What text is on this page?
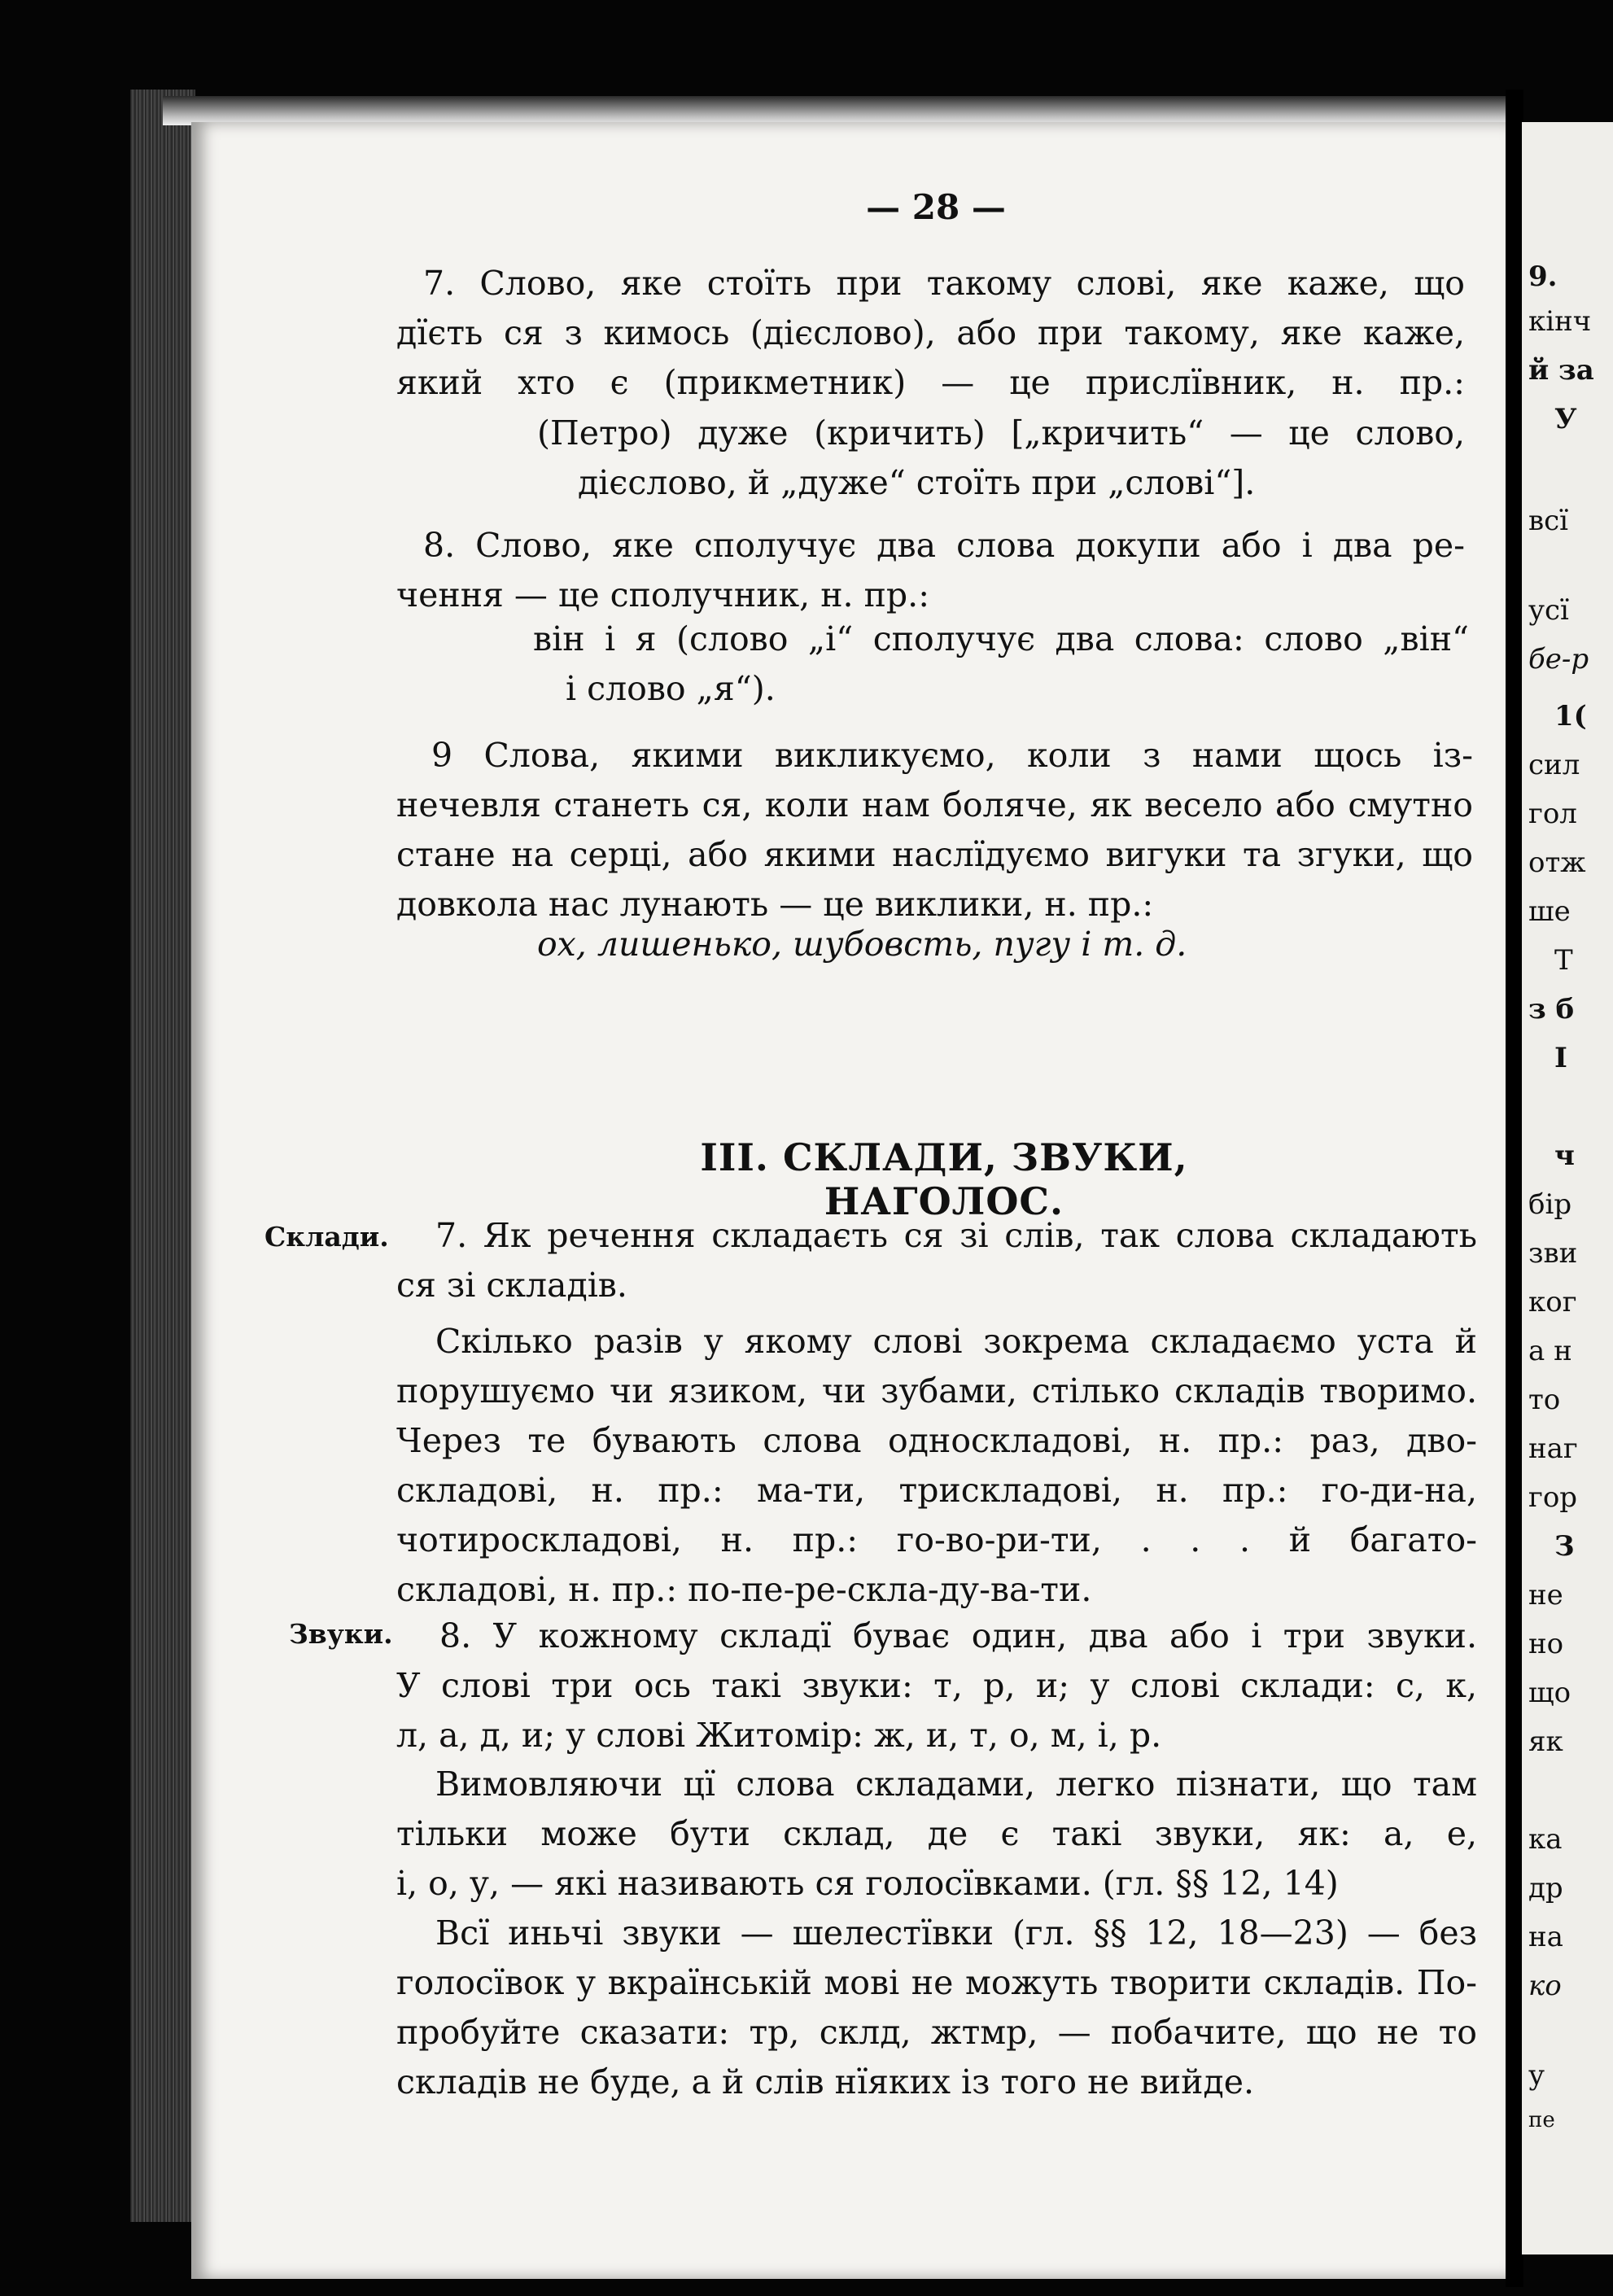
9.
кінч
й за
У
всї
усї
бе-р
1(
сил
гол
отж
ше
Т
з б
І
ч
бір
зви
ког
а н
то
наг
гор
З
не
но
що
як
ка
др
на
ко
у
пе
— 28 —
7. Слово, яке стоїть при такому слові, яке каже, що
дїєть ся з кимось (дієслово), або при такому, яке каже,
який хто є (прикметник) — це прислївник, н. пр.:
(Петро) дуже (кричить) [„кричить“ — це слово,
дієслово, й „дуже“ стоїть при „слові“].
8. Слово, яке сполучує два слова докупи або і два ре-
чення — це сполучник, н. пр.:
він і я (слово „і“ сполучує два слова: слово „він“
і слово „я“).
9 Слова, якими викликуємо, коли з нами щось із-
нечевля станеть ся, коли нам боляче, як весело або смутно
стане на серці, або якими наслїдуємо вигуки та згуки, що
довкола нас лунають — це виклики, н. пр.:
ох, лишенько, шубовсть, пугу і т. д.
III. СКЛАДИ, ЗВУКИ, НАГОЛОС.
Склади.
Звуки.
7. Як речення складаєть ся зі слів, так слова складають
ся зі складів.
Скілько разів у якому слові зокрема складаємо уста й
порушуємо чи язиком, чи зубами, стілько складів творимо.
Через те бувають слова односкладові, н. пр.: раз, дво-
складові, н. пр.: ма-ти, трискладові, н. пр.: го-ди-на,
чотироскладові, н. пр.: го-во-ри-ти, . . . й багато-
складові, н. пр.: по-пе-ре-скла-ду-ва-ти.
8. У кожному складї буває один, два або і три звуки.
У слові три ось такі звуки: т, р, и; у слові склади: с, к,
л, а, д, и; у слові Житомір: ж, и, т, о, м, і, р.
Вимовляючи цї слова складами, легко пізнати, що там
тільки може бути склад, де є такі звуки, як: а, е,
і, о, у, — які називають ся голосївками. (гл. §§ 12, 14)
Всї иньчі звуки — шелестївки (гл. §§ 12, 18—23) — без
голосївок у вкраїнській мові не можуть творити складів. По-
пробуйте сказати: тр, склд, жтмр, — побачите, що не то
складів не буде, а й слів нїяких із того не вийде.
